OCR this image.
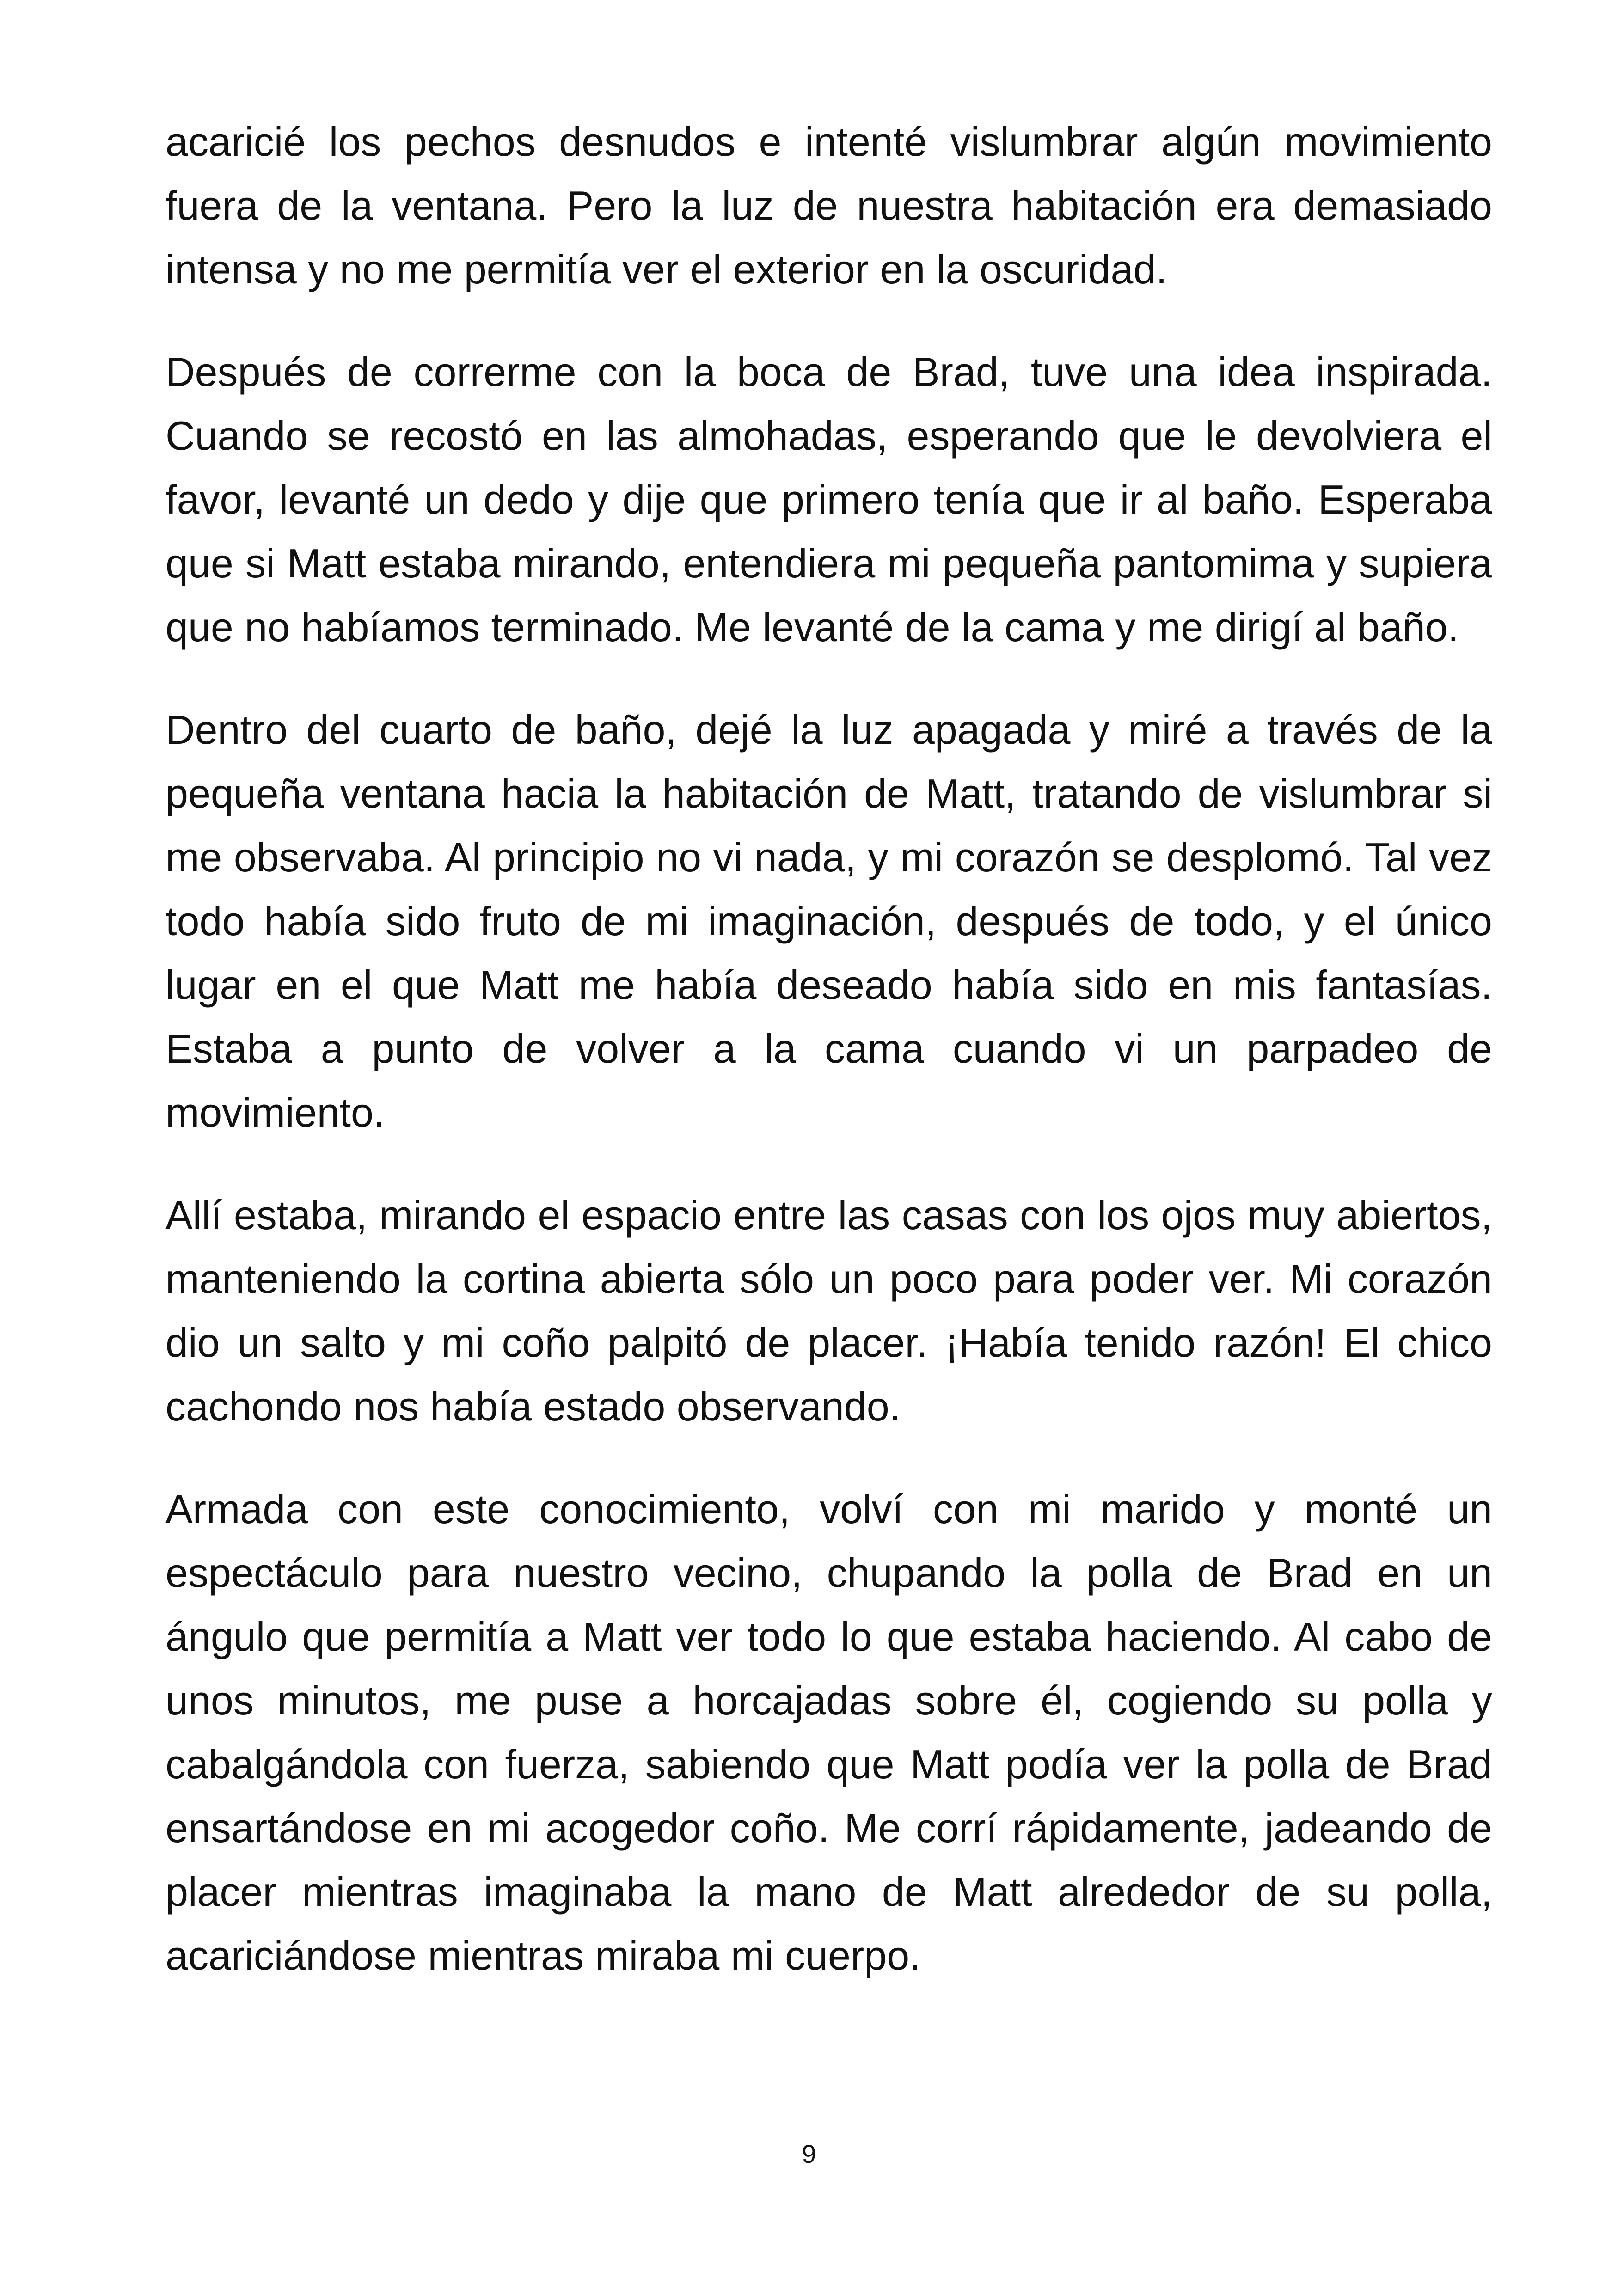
acaricié los pechos desnudos e intenté vislumbrar algún movimiento fuera de la ventana. Pero la luz de nuestra habitación era demasiado intensa y no me permitía ver el exterior en la oscuridad.

Después de correrme con la boca de Brad, tuve una idea inspirada. Cuando se recostó en las almohadas, esperando que le devolviera el favor, levanté un dedo y dije que primero tenía que ir al baño. Esperaba que si Matt estaba mirando, entendiera mi pequeña pantomima y supiera que no habíamos terminado. Me levanté de la cama y me dirigí al baño.

Dentro del cuarto de baño, dejé la luz apagada y miré a través de la pequeña ventana hacia la habitación de Matt, tratando de vislumbrar si me observaba. Al principio no vi nada, y mi corazón se desplomó. Tal vez todo había sido fruto de mi imaginación, después de todo, y el único lugar en el que Matt me había deseado había sido en mis fantasías. Estaba a punto de volver a la cama cuando vi un parpadeo de movimiento.

Allí estaba, mirando el espacio entre las casas con los ojos muy abiertos, manteniendo la cortina abierta sólo un poco para poder ver. Mi corazón dio un salto y mi coño palpitó de placer. ¡Había tenido razón! El chico cachondo nos había estado observando.

Armada con este conocimiento, volví con mi marido y monté un espectáculo para nuestro vecino, chupando la polla de Brad en un ángulo que permitía a Matt ver todo lo que estaba haciendo. Al cabo de unos minutos, me puse a horcajadas sobre él, cogiendo su polla y cabalgándola con fuerza, sabiendo que Matt podía ver la polla de Brad ensartándose en mi acogedor coño. Me corrí rápidamente, jadeando de placer mientras imaginaba la mano de Matt alrededor de su polla, acariciándose mientras miraba mi cuerpo.

9
